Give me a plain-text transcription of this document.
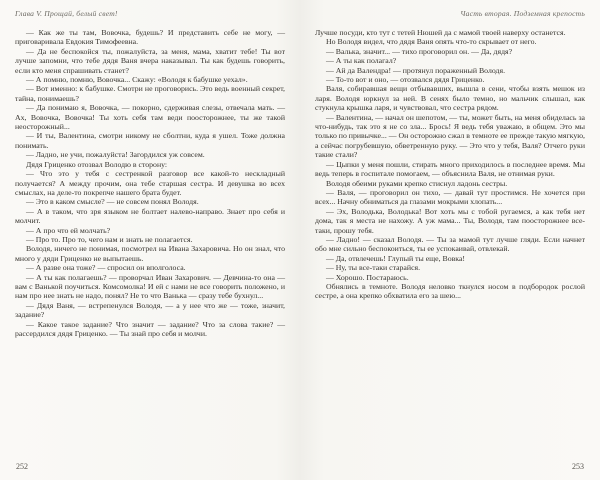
Глава V. Прощай, белый свет!

— Как же ты там, Вовочка, будешь? И представить себе не могу, — приговаривала Евдокия Тимофеевна.

— Да не беспокойся ты, пожалуйста, за меня, мама, хватит тебе! Ты вот лучше запомни, что тебе дядя Ваня вчера наказывал. Ты как будешь говорить, если кто меня спрашивать станет?

— А помню, помню, Вовочка... Скажу: «Володя к бабушке уехал».

— Вот именно: к бабушке. Смотри не проговорись. Это ведь военный секрет, тайна, понимаешь?

— Да понимаю я, Вовочка, — покорно, сдерживая слезы, отвечала мать. — Ах, Вовочка, Вовочка! Ты хоть себя там веди поосторожнее, ты же такой неосторожный...

— И ты, Валентина, смотри никому не сболтни, куда я ушел. Тоже должна понимать.

— Ладно, не учи, пожалуйста! Загордился уж совсем.

Дядя Гриценко отозвал Володю в сторону:

— Что это у тебя с сестренкой разговор все какой-то нескладный получается? А между прочим, она тебе старшая сестра. И девушка во всех смыслах, на деле-то покрепче нашего брата будет.

— Это в каком смысле? — не совсем понял Володя.

— А в таком, что зря языком не болтает налево-направо. Знает про себя и молчит.

— А про что ей молчать?

— Про то. Про то, чего нам и знать не полагается.

Володя, ничего не понимая, посмотрел на Ивана Захаровича. Но он знал, что много у дяди Гриценко не выпытаешь.

— А разве она тоже? — спросил он вполголоса.

— А ты как полагаешь? — проворчал Иван Захарович. — Девчина-то она — вам с Ванькой поучиться. Комсомолка! И ей с нами не все говорить положено, и нам про нее знать не надо, понял? Не то что Ванька — сразу тебе бухнул...

— Дядя Ваня, — встрепенулся Володя, — а у нее что же — тоже, значит, задание?

— Какое такое задание? Что значит — задание? Что за слова такие? — рассердился дядя Гриценко. — Ты знай про себя и молчи.

252
Часть вторая. Подземная крепость

Лучше посуди, кто тут с тетей Нюшей да с мамой твоей наверху останется.

Но Володя видел, что дядя Ваня опять что-то скрывает от него.

— Валька, значит... — тихо проговорил он. — Да, дядя?

— А ты как полагал?

— Ай да Валендра! — протянул пораженный Володя.

— То-то вот и оно, — отозвался дядя Гриценко.

Валя, собиравшая вещи отбывавших, вышла в сени, чтобы взять мешок из ларя. Володя юркнул за ней. В сенях было темно, но мальчик слышал, как стукнула крышка ларя, и чувствовал, что сестра рядом.

— Валентина, — начал он шепотом, — ты, может быть, на меня обиделась за что-нибудь, так это я не со зла... Брось! Я ведь тебя уважаю, в общем. Это мы только по привычке... — Он осторожно сжал в темноте ее прежде такую мягкую, а сейчас погрубевшую, обветренную руку. — Это что у тебя, Валя? Отчего руки такие стали?

— Цыпки у меня пошли, стирать много приходилось в последнее время. Мы ведь теперь в госпитале помогаем, — объяснила Валя, не отнимая руки.

Володя обеими руками крепко стиснул ладонь сестры.

— Валя, — проговорил он тихо, — давай тут простимся. Не хочется при всех... Начну обниматься да глазами мокрыми хлопать...

— Эх, Володька, Володька! Вот хоть мы с тобой ругаемся, а как тебя нет дома, так я места не нахожу. А уж мама... Ты, Володя, там поосторожнее все-таки, прошу тебя.

— Ладно! — сказал Володя. — Ты за мамой тут лучше гляди. Если начнет обо мне сильно беспокоиться, ты ее успокаивай, отвлекай.

— Да, отвлечешь! Глупый ты еще, Вовка!

— Ну, ты все-таки старайся.

— Хорошо. Постараюсь.

Обнялись в темноте. Володя неловко ткнулся носом в подбородок рослой сестре, а она крепко обхватила его за шею...

253
